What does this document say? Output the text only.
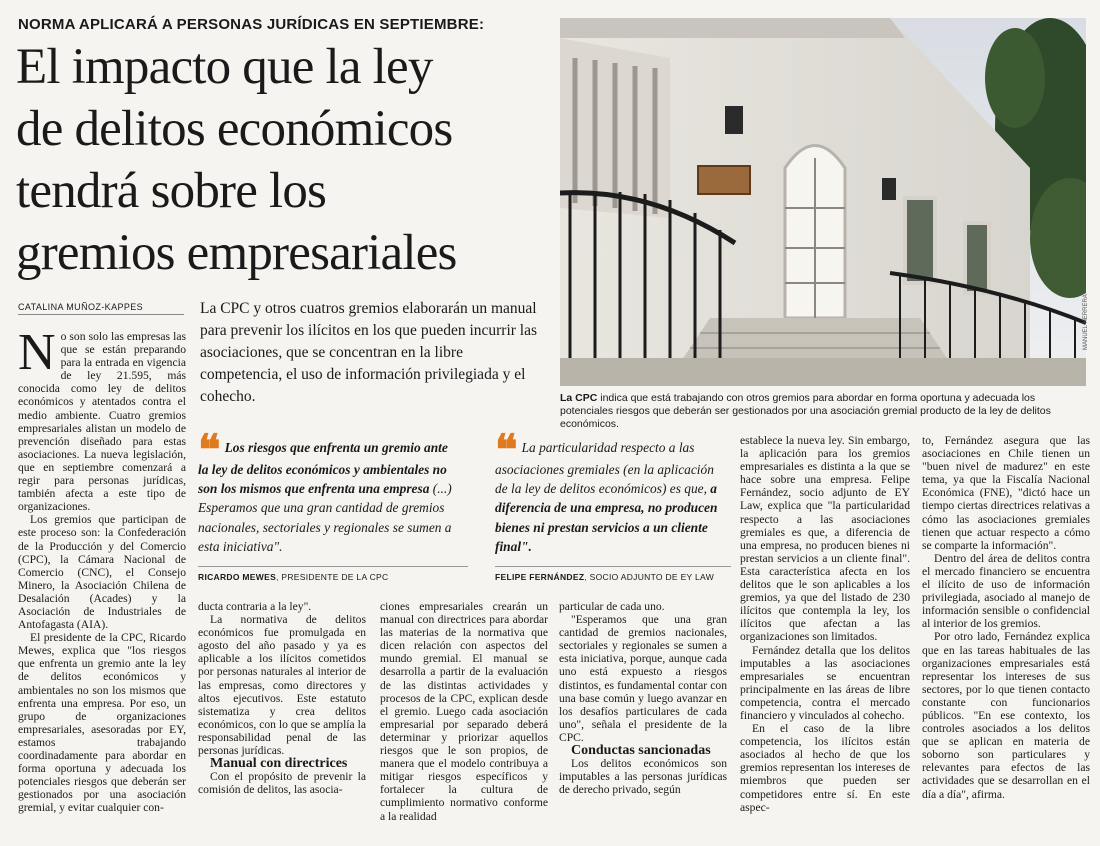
NORMA APLICARÁ A PERSONAS JURÍDICAS EN SEPTIEMBRE:
El impacto que la ley
de delitos económicos
tendrá sobre los
gremios empresariales
CATALINA MUÑOZ-KAPPES	La CPC y otros cuatros gremios elaborarán un manual para prevenir los ilícitos en los que pueden incurrir las asociaciones, que se concentran en la libre competencia, el uso de información privilegiada y el cohecho.
MANUEL HERRERA
La CPC indica que está trabajando con otros gremios para abordar en forma oportuna y adecuada los potenciales riesgos que deberán ser gestionados por una asociación gremial producto de la ley de delitos económicos.
❝ Los riesgos que enfrenta un gremio ante la ley de delitos económicos y ambientales no son los mismos que enfrenta una empresa (...) Esperamos que una gran cantidad de gremios nacionales, sectoriales y regionales se sumen a esta iniciativa".
RICARDO MEWES, PRESIDENTE DE LA CPC
❝ La particularidad respecto a las asociaciones gremiales (en la aplicación de la ley de delitos económicos) es que, a diferencia de una empresa, no producen bienes ni prestan servicios a un cliente final".
FELIPE FERNÁNDEZ, SOCIO ADJUNTO DE EY LAW

No son solo las empresas las que se están preparando para la entrada en vigencia de ley 21.595, más conocida como ley de delitos económicos y atentados contra el medio ambiente. Cuatro gremios empresariales alistan un modelo de prevención diseñado para estas asociaciones. La nueva legislación, que en septiembre comenzará a regir para personas jurídicas, también afecta a este tipo de organizaciones.

Los gremios que participan de este proceso son: la Confederación de la Producción y del Comercio (CPC), la Cámara Nacional de Comercio (CNC), el Consejo Minero, la Asociación Chilena de Desalación (Acades) y la Asociación de Industriales de Antofagasta (AIA).

El presidente de la CPC, Ricardo Mewes, explica que "los riesgos que enfrenta un gremio ante la ley de delitos económicos y ambientales no son los mismos que enfrenta una empresa. Por eso, un grupo de organizaciones empresariales, asesoradas por EY, estamos trabajando coordinadamente para abordar en forma oportuna y adecuada los potenciales riesgos que deberán ser gestionados por una asociación gremial, y evitar cualquier con-

ducta contraria a la ley".

La normativa de delitos económicos fue promulgada en agosto del año pasado y ya es aplicable a los ilícitos cometidos por personas naturales al interior de las empresas, como directores y altos ejecutivos. Este estatuto sistematiza y crea delitos económicos, con lo que se amplía la responsabilidad penal de las personas jurídicas.

Manual con directrices

Con el propósito de prevenir la comisión de delitos, las asocia-

ciones empresariales crearán un manual con directrices para abordar las materias de la normativa que dicen relación con aspectos del mundo gremial. El manual se desarrolla a partir de la evaluación de las distintas actividades y procesos de la CPC, explican desde el gremio. Luego cada asociación empresarial por separado deberá determinar y priorizar aquellos riesgos que le son propios, de manera que el modelo contribuya a mitigar riesgos específicos y fortalecer la cultura de cumplimiento normativo conforme a la realidad

particular de cada uno.

"Esperamos que una gran cantidad de gremios nacionales, sectoriales y regionales se sumen a esta iniciativa, porque, aunque cada uno está expuesto a riesgos distintos, es fundamental contar con una base común y luego avanzar en los desafíos particulares de cada uno", señala el presidente de la CPC.

Conductas sancionadas

Los delitos económicos son imputables a las personas jurídicas de derecho privado, según

establece la nueva ley. Sin embargo, la aplicación para los gremios empresariales es distinta a la que se hace sobre una empresa. Felipe Fernández, socio adjunto de EY Law, explica que "la particularidad respecto a las asociaciones gremiales es que, a diferencia de una empresa, no producen bienes ni prestan servicios a un cliente final". Esta característica afecta en los delitos que le son aplicables a los gremios, ya que del listado de 230 ilícitos que contempla la ley, los ilícitos que afectan a las organizaciones son limitados.

Fernández detalla que los delitos imputables a las asociaciones empresariales se encuentran principalmente en las áreas de libre competencia, contra el mercado financiero y vinculados al cohecho.

En el caso de la libre competencia, los ilícitos están asociados al hecho de que los gremios representan los intereses de miembros que pueden ser competidores entre sí. En este aspec-

to, Fernández asegura que las asociaciones en Chile tienen un "buen nivel de madurez" en este tema, ya que la Fiscalía Nacional Económica (FNE), "dictó hace un tiempo ciertas directrices relativas a cómo las asociaciones gremiales tienen que actuar respecto a cómo se comparte la información".

Dentro del área de delitos contra el mercado financiero se encuentra el ilícito de uso de información privilegiada, asociado al manejo de información sensible o confidencial al interior de los gremios.

Por otro lado, Fernández explica que en las tareas habituales de las organizaciones empresariales está representar los intereses de sus sectores, por lo que tienen contacto constante con funcionarios públicos. "En ese contexto, los controles asociados a los delitos que se aplican en materia de soborno son particulares y relevantes para efectos de las actividades que se desarrollan en el día a día", afirma.
